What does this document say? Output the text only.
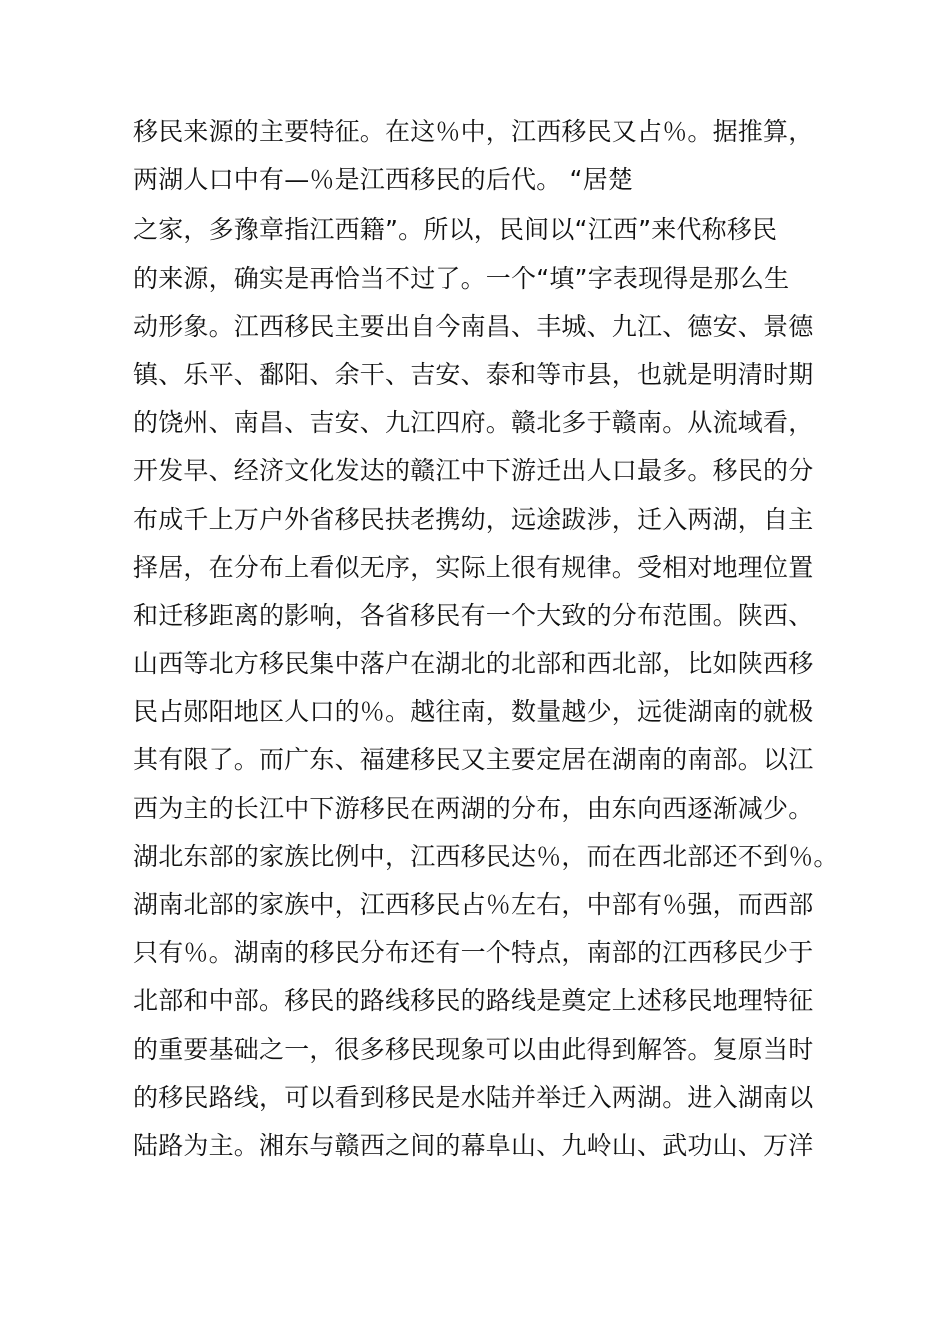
移民来源的主要特征。在这％中，江西移民又占％。据推算，
两湖人口中有—％是江西移民的后代。 “居楚
之家，多豫章指江西籍”。所以，民间以“江西”来代称移民
的来源，确实是再恰当不过了。一个“填”字表现得是那么生
动形象。江西移民主要出自今南昌、丰城、九江、德安、景德
镇、乐平、鄱阳、余干、吉安、泰和等市县，也就是明清时期
的饶州、南昌、吉安、九江四府。赣北多于赣南。从流域看，
开发早、经济文化发达的赣江中下游迁出人口最多。移民的分
布成千上万户外省移民扶老携幼，远途跋涉，迁入两湖，自主
择居，在分布上看似无序，实际上很有规律。受相对地理位置
和迁移距离的影响，各省移民有一个大致的分布范围。陕西、
山西等北方移民集中落户在湖北的北部和西北部，比如陕西移
民占郧阳地区人口的％。越往南，数量越少，远徙湖南的就极
其有限了。而广东、福建移民又主要定居在湖南的南部。以江
西为主的长江中下游移民在两湖的分布，由东向西逐渐减少。
湖北东部的家族比例中，江西移民达％，而在西北部还不到％。
湖南北部的家族中，江西移民占％左右，中部有％强，而西部
只有％。湖南的移民分布还有一个特点，南部的江西移民少于
北部和中部。移民的路线移民的路线是奠定上述移民地理特征
的重要基础之一，很多移民现象可以由此得到解答。复原当时
的移民路线，可以看到移民是水陆并举迁入两湖。进入湖南以
陆路为主。湘东与赣西之间的幕阜山、九岭山、武功山、万洋
